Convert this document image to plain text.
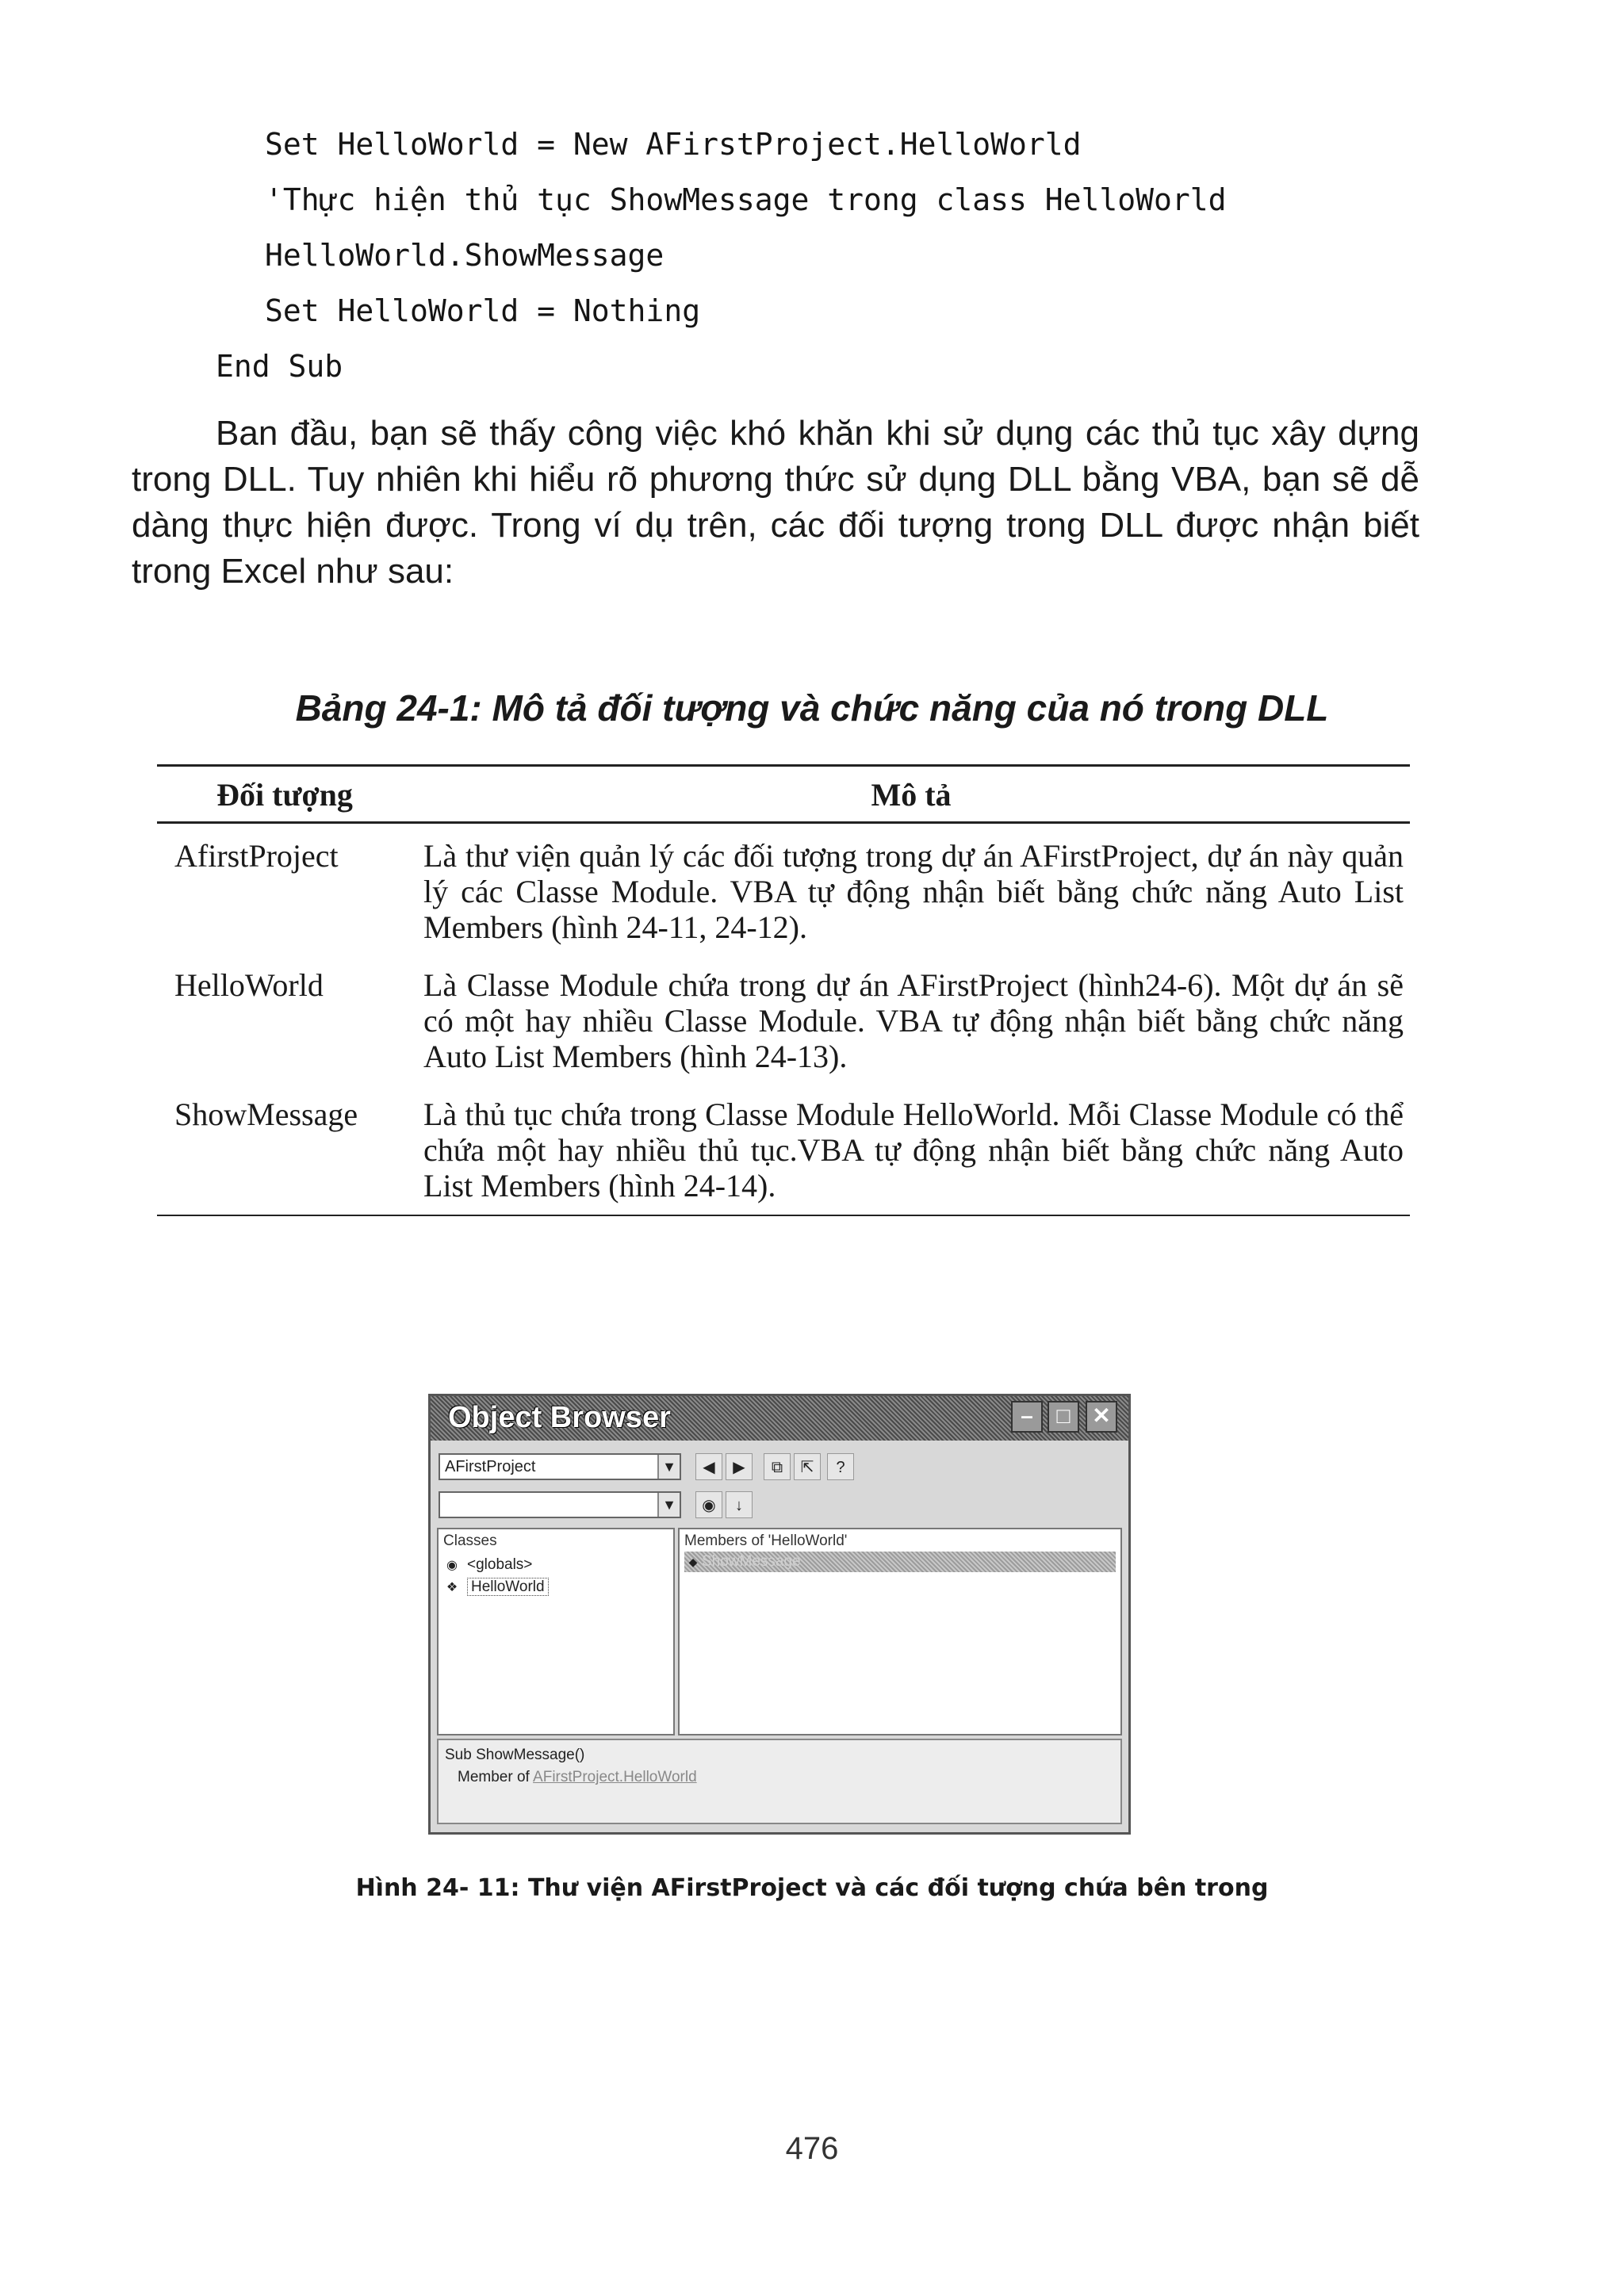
Set HelloWorld = New AFirstProject.HelloWorld
'Thực hiện thủ tục ShowMessage trong class HelloWorld
HelloWorld.ShowMessage
Set HelloWorld = Nothing
End Sub

Ban đầu, bạn sẽ thấy công việc khó khăn khi sử dụng các thủ tục xây dựng trong DLL. Tuy nhiên khi hiểu rõ phương thức sử dụng DLL bằng VBA, bạn sẽ dễ dàng thực hiện được. Trong ví dụ trên, các đối tượng trong DLL được nhận biết trong Excel như sau:

Bảng 24-1: Mô tả đối tượng và chức năng của nó trong DLL
Đối tượng	Mô tả
AfirstProject	Là thư viện quản lý các đối tượng trong dự án AFirstProject, dự án này quản lý các Classe Module. VBA tự động nhận biết bằng chức năng Auto List Members (hình 24-11, 24-12).
HelloWorld	Là Classe Module chứa trong dự án AFirstProject (hình24-6). Một dự án sẽ có một hay nhiều Classe Module. VBA tự động nhận biết bằng chức năng Auto List Members (hình 24-13).
ShowMessage	Là thủ tục chứa trong Classe Module HelloWorld. Mỗi Classe Module có thể chứa một hay nhiều thủ tục.VBA tự động nhận biết bằng chức năng Auto List Members (hình 24-14).
Object Browser	–	□ ✕
AFirstProject	▼	◀	▶	⧉	⇱	?
▼	◉	↓
Classes
◉ <globals>
❖ HelloWorld
Members of 'HelloWorld'
◆ ShowMessage
Sub ShowMessage()
Member of AFirstProject.HelloWorld
Hình 24- 11: Thư viện AFirstProject và các đối tượng chứa bên trong
476
